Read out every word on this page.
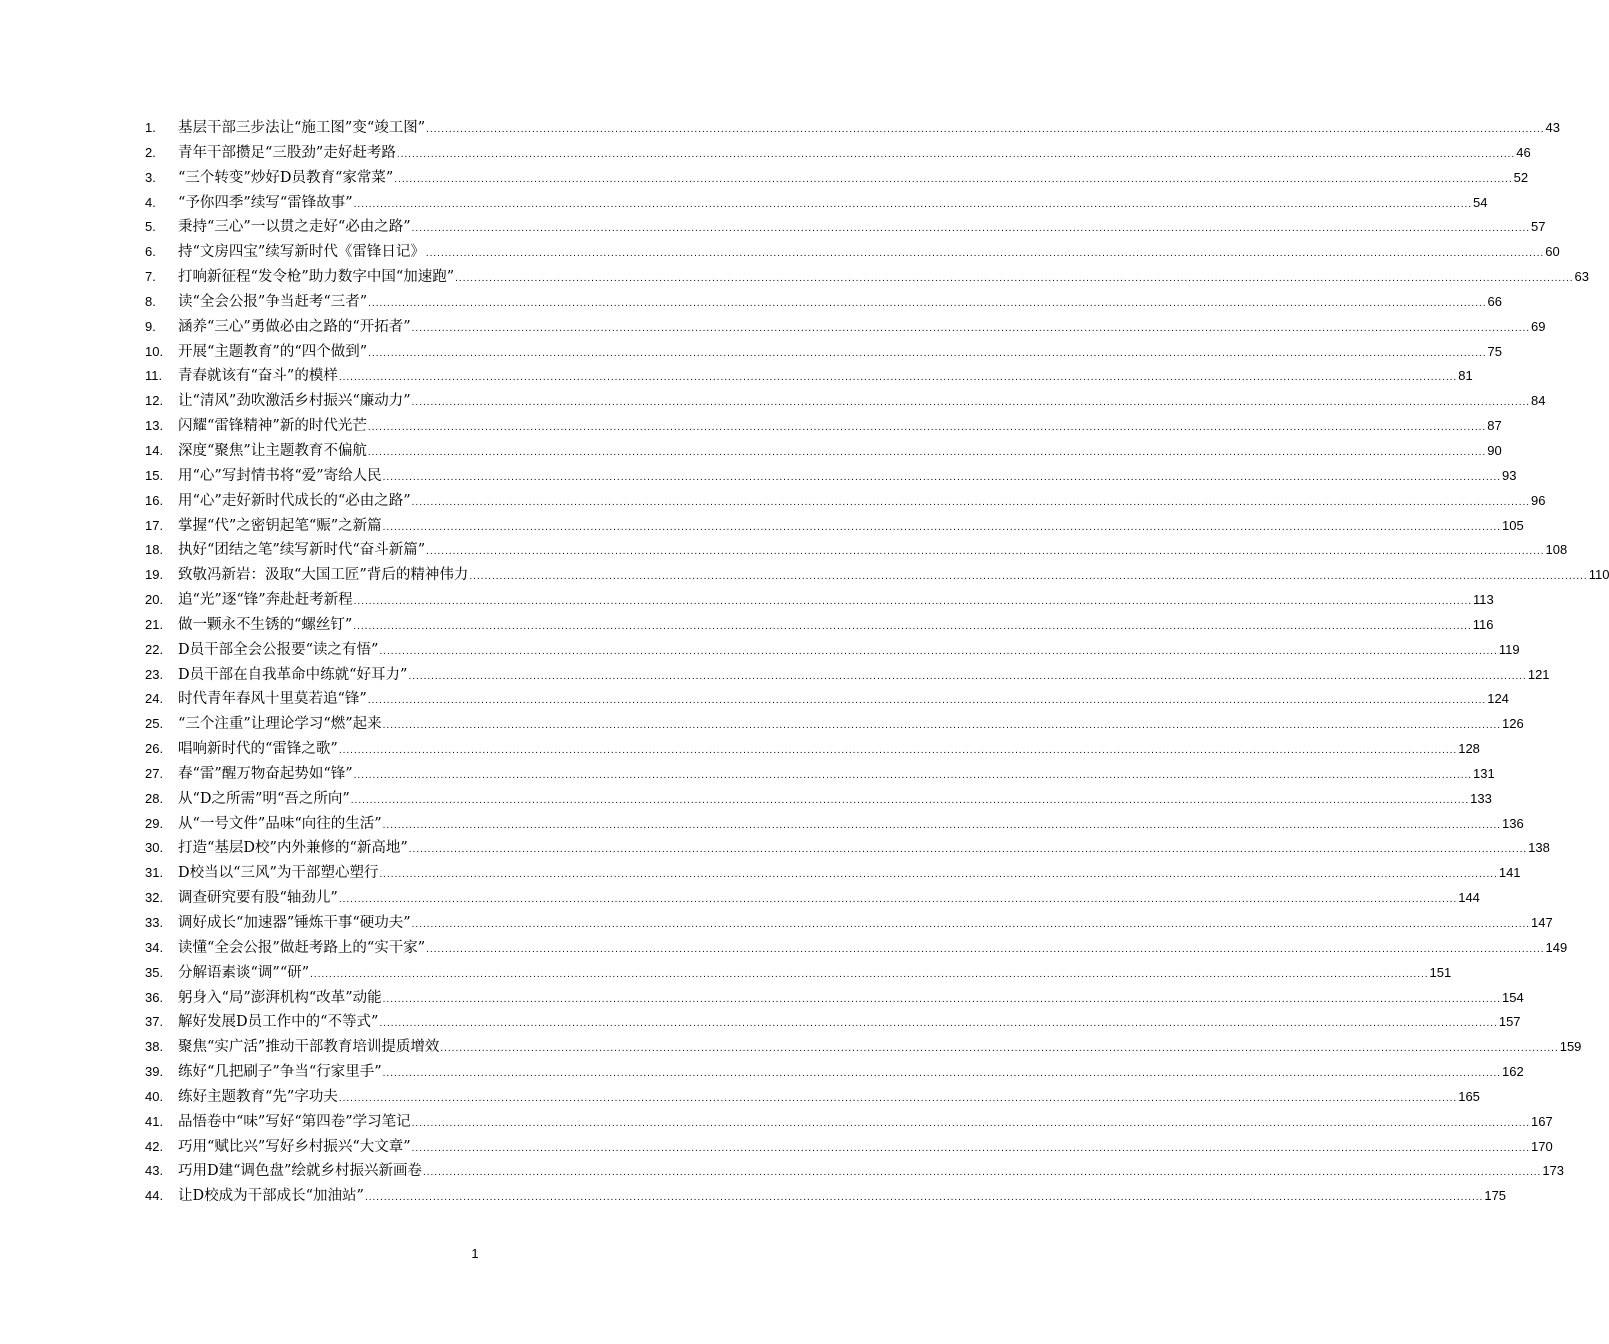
1.	基层干部三步法让“施工图”变“竣工图” .....	43
2.	青年干部攒足“三股劲”走好赶考路 .....	46
3.	“三个转变”炒好D员教育“家常菜” .....	52
4.	“予你四季”续写“雷锋故事” .....	54
5.	秉持“三心”一以贯之走好“必由之路” .....	57
6.	持“文房四宝”续写新时代《雷锋日记》 .....	60
7.	打响新征程“发令枪”助力数字中国“加速跑” .....	63
8.	读“全会公报”争当赶考“三者” .....	66
9.	涵养“三心”勇做必由之路的“开拓者” .....	69
10.	开展“主题教育”的“四个做到” .....	75
11.	青春就该有“奋斗”的模样 .....	81
12.	让“清风”劲吹激活乡村振兴“廉动力” .....	84
13.	闪耀“雷锋精神”新的时代光芒 .....	87
14.	深度“聚焦”让主题教育不偏航 .....	90
15.	用“心”写封情书将“爱”寄给人民 .....	93
16.	用“心”走好新时代成长的“必由之路” .....	96
17.	掌握“代”之密钥起笔“赈”之新篇 .....	105
18.	执好“团结之笔”续写新时代“奋斗新篇” .....	108
19.	致敬冯新岩：汲取“大国工匠”背后的精神伟力 .....	110
20.	追“光”逐“锋”奔赴赶考新程 .....	113
21.	做一颗永不生锈的“螺丝钉” .....	116
22.	D员干部全会公报要“读之有悟” .....	119
23.	D员干部在自我革命中练就“好耳力” .....	121
24.	时代青年春风十里莫若追“锋” .....	124
25.	“三个注重”让理论学习“燃”起来 .....	126
26.	唱响新时代的“雷锋之歌” .....	128
27.	春“雷”醒万物奋起势如“锋” .....	131
28.	从“D之所需”明“吾之所向” .....	133
29.	从“一号文件”品味“向往的生活” .....	136
30.	打造“基层D校”内外兼修的“新高地” .....	138
31.	D校当以“三风”为干部塑心塑行 .....	141
32.	调查研究要有股“轴劲儿” .....	144
33.	调好成长“加速器”锤炼干事“硬功夫” .....	147
34.	读懂“全会公报”做赶考路上的“实干家” .....	149
35.	分解语素谈“调”“研” .....	151
36.	躬身入“局”澎湃机构“改革”动能 .....	154
37.	解好发展D员工作中的“不等式” .....	157
38.	聚焦“实广活”推动干部教育培训提质增效 .....	159
39.	练好“几把刷子”争当“行家里手” .....	162
40.	练好主题教育“先”字功夫 .....	165
41.	品悟卷中“味”写好“第四卷”学习笔记 .....	167
42.	巧用“赋比兴”写好乡村振兴“大文章” .....	170
43.	巧用D建“调色盘”绘就乡村振兴新画卷 .....	173
44.	让D校成为干部成长“加油站” .....	175
1
